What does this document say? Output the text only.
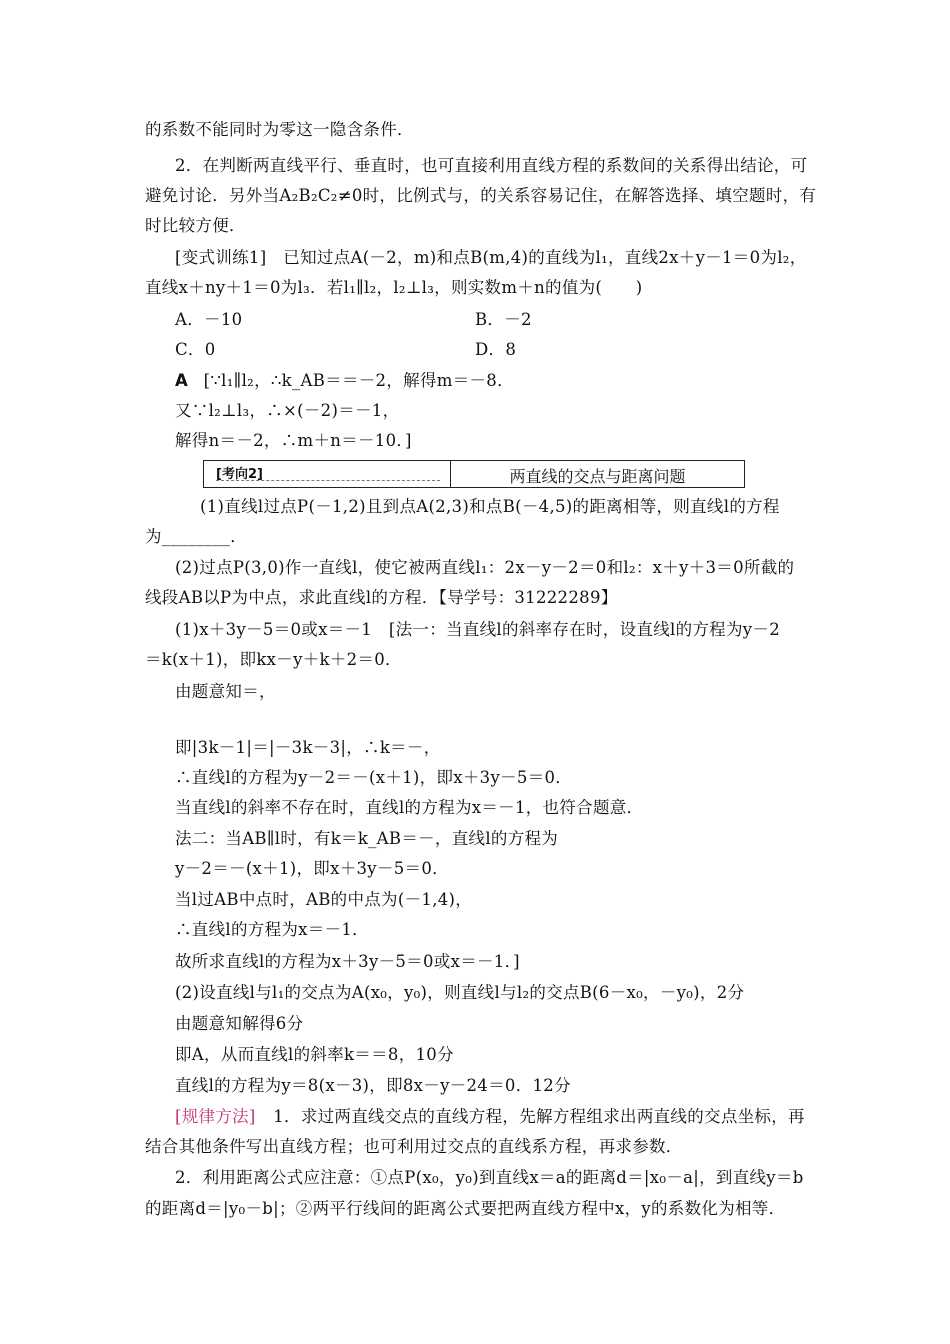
的系数不能同时为零这一隐含条件．
2．在判断两直线平行、垂直时，也可直接利用直线方程的系数间的关系得出结论，可
避免讨论．另外当A₂B₂C₂≠0时，比例式与，的关系容易记住，在解答选择、填空题时，有
时比较方便．
[变式训练1]　已知过点A(－2，m)和点B(m,4)的直线为l₁，直线2x＋y－1＝0为l₂，
直线x＋ny＋1＝0为l₃．若l₁∥l₂，l₂⊥l₃，则实数m＋n的值为(　　)
A．－10	B．－2
C．0	D．8
A [∵l₁∥l₂，∴k_AB＝＝－2，解得m＝－8．
又∵l₂⊥l₃，∴×(－2)＝－1，
解得n＝－2，∴m＋n＝－10．]
[考向2]	两直线的交点与距离问题
(1)直线l过点P(－1,2)且到点A(2,3)和点B(－4,5)的距离相等，则直线l的方程
为________．
(2)过点P(3,0)作一直线l，使它被两直线l₁：2x－y－2＝0和l₂：x＋y＋3＝0所截的
线段AB以P为中点，求此直线l的方程．【导学号：31222289】
(1)x＋3y－5＝0或x＝－1　[法一：当直线l的斜率存在时，设直线l的方程为y－2
＝k(x＋1)，即kx－y＋k＋2＝0．
由题意知＝，
即|3k－1|＝|－3k－3|，∴k＝－，
∴直线l的方程为y－2＝－(x＋1)，即x＋3y－5＝0．
当直线l的斜率不存在时，直线l的方程为x＝－1，也符合题意．
法二：当AB∥l时，有k＝k_AB＝－，直线l的方程为
y－2＝－(x＋1)，即x＋3y－5＝0．
当l过AB中点时，AB的中点为(－1,4)，
∴直线l的方程为x＝－1．
故所求直线l的方程为x＋3y－5＝0或x＝－1．]
(2)设直线l与l₁的交点为A(x₀，y₀)，则直线l与l₂的交点B(6－x₀，－y₀)，2分
由题意知解得6分
即A，从而直线l的斜率k＝＝8，10分
直线l的方程为y＝8(x－3)，即8x－y－24＝0．12分
[规律方法] 1．求过两直线交点的直线方程，先解方程组求出两直线的交点坐标，再
结合其他条件写出直线方程；也可利用过交点的直线系方程，再求参数．
2．利用距离公式应注意：①点P(x₀，y₀)到直线x＝a的距离d＝|x₀－a|，到直线y＝b
的距离d＝|y₀－b|；②两平行线间的距离公式要把两直线方程中x，y的系数化为相等．
